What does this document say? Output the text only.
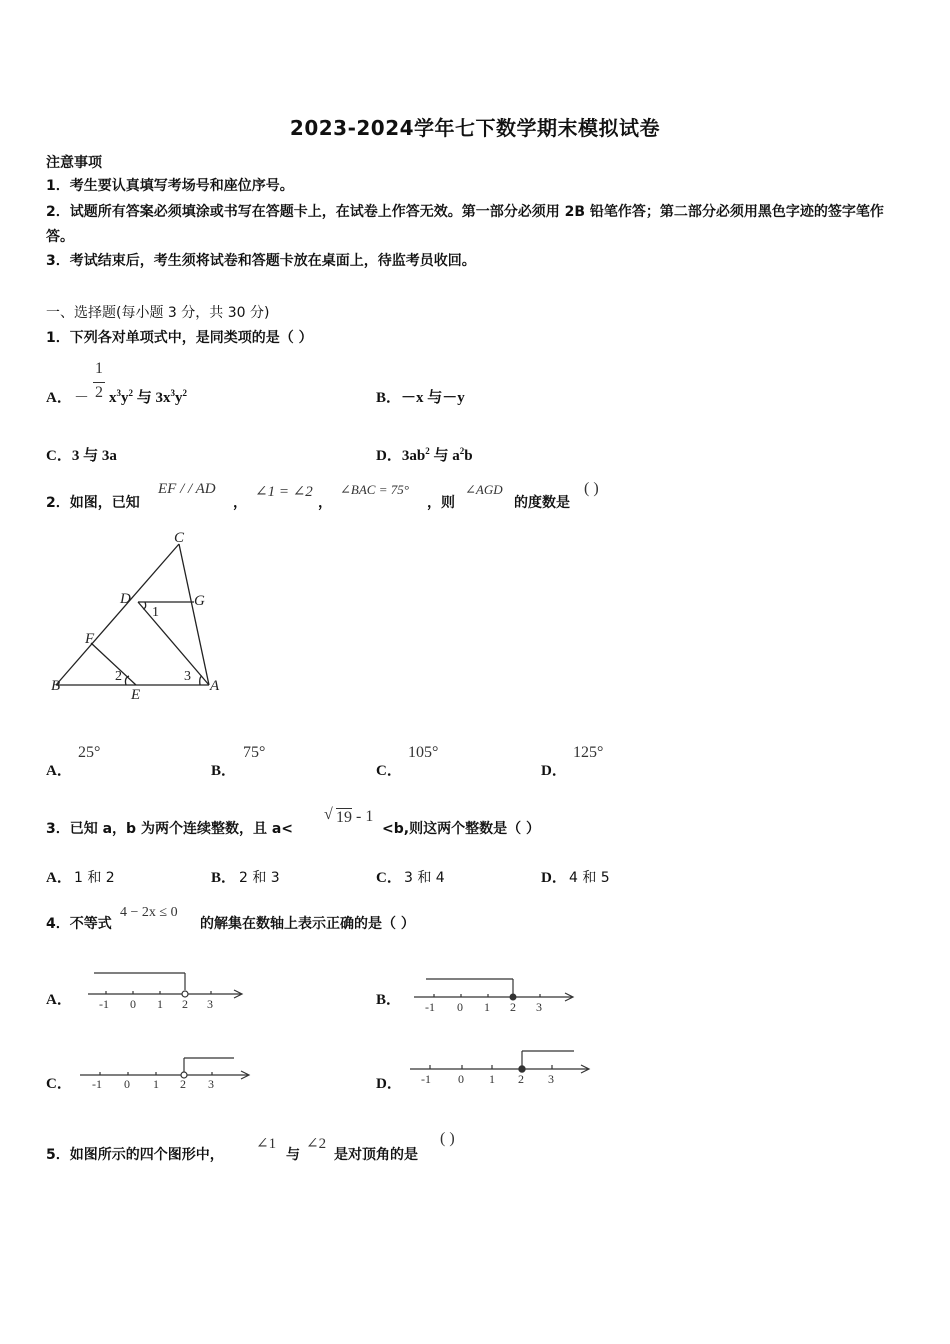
2023-2024学年七下数学期末模拟试卷
注意事项
1．考生要认真填写考场号和座位序号。
2．试题所有答案必须填涂或书写在答题卡上，在试卷上作答无效。第一部分必须用 2B 铅笔作答；第二部分必须用黑色字迹的签字笔作答。
3．考试结束后，考生须将试卷和答题卡放在桌面上，待监考员收回。
一、选择题(每小题 3 分，共 30 分)
1．下列各对单项式中，是同类项的是（ ）
A． －
1
2 $x^3y^2$ 与 $3x^3y^2$	B．－x 与－y
C．3 与 3a	D．$3ab^2$ 与 $a^2b$
2．如图，已知
EF / / AD
，
∠1 = ∠2
，
∠BAC = 75°
，则
∠AGD
的度数是
( )
C
D	G
1
F
2	3
B
E
A
A．
25°
B．
75°
C．
105°
D．
125°
3．已知 a，b 为两个连续整数，且 a<
√ 19 - 1
<b,则这两个整数是（ ）
A． 1 和 2	B． 2 和 3	C． 3 和 4	D． 4 和 5
4．不等式
4 − 2x ≤ 0
的解集在数轴上表示正确的是（ ）
A． -1 0 1 2 3	B． -1 0 1 2 3
C． -1 0 1 2 3	D． -1 0 1 2 3
5．如图所示的四个图形中，
∠1
与
∠2
是对顶角的是
( )
